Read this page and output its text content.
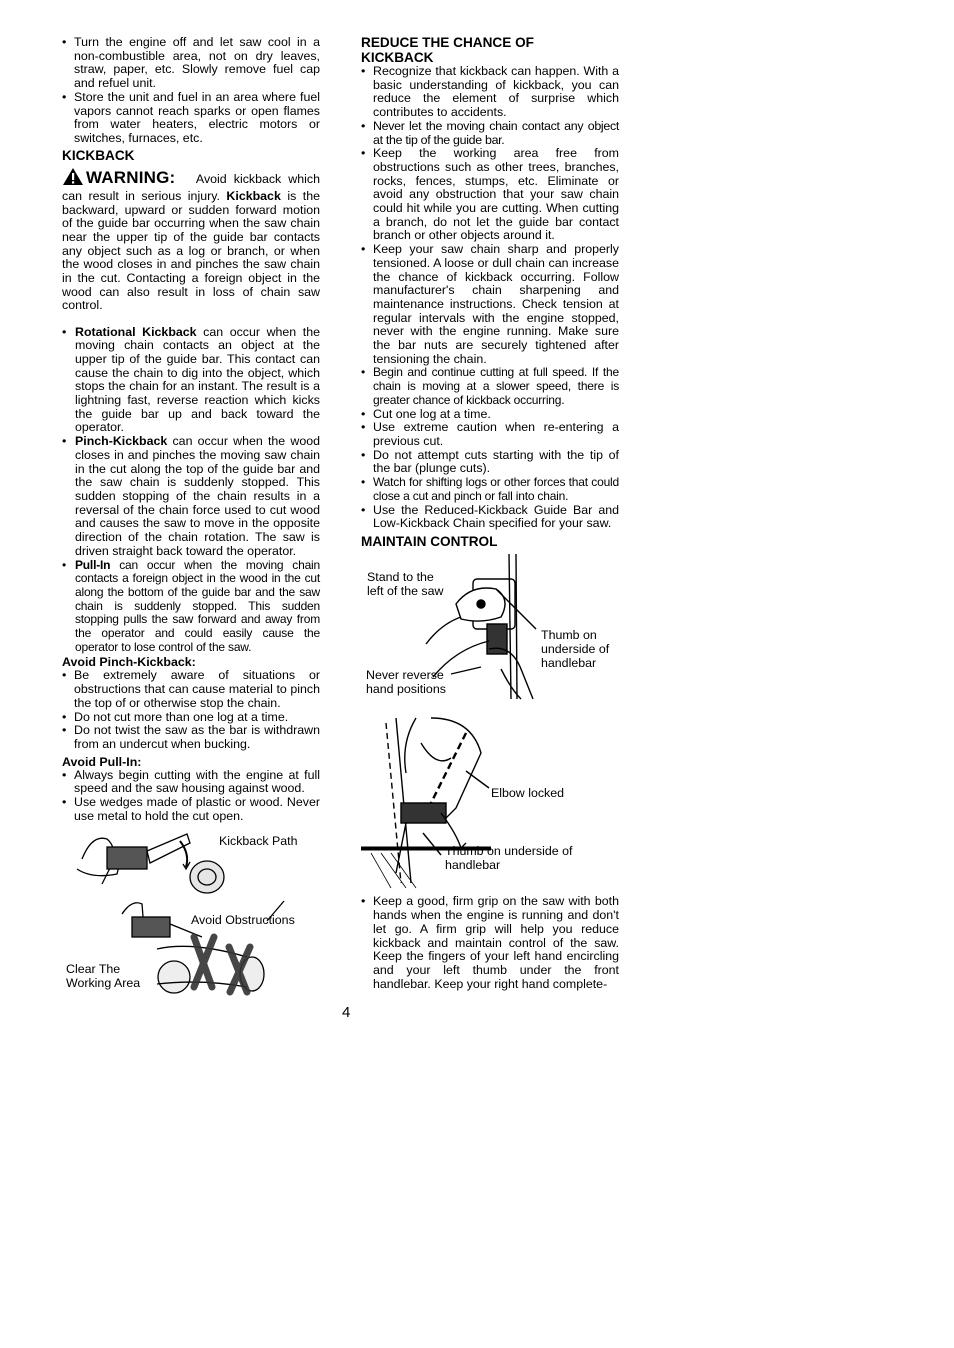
• Turn the engine off and let saw cool in a non-combustible area, not on dry leaves, straw, paper, etc. Slowly remove fuel cap and refuel unit.
• Store the unit and fuel in an area where fuel vapors cannot reach sparks or open flames from water heaters, electric motors or switches, furnaces, etc.

KICKBACK

WARNING: Avoid kickback which can result in serious injury. Kickback is the backward, upward or sudden forward motion of the guide bar occurring when the saw chain near the upper tip of the guide bar contacts any object such as a log or branch, or when the wood closes in and pinches the saw chain in the cut. Contacting a foreign object in the wood can also result in loss of chain saw control.

• Rotational Kickback can occur when the moving chain contacts an object at the upper tip of the guide bar. This contact can cause the chain to dig into the object, which stops the chain for an instant. The result is a lightning fast, reverse reaction which kicks the guide bar up and back toward the operator.
• Pinch-Kickback can occur when the wood closes in and pinches the moving saw chain in the cut along the top of the guide bar and the saw chain is suddenly stopped. This sudden stopping of the chain results in a reversal of the chain force used to cut wood and causes the saw to move in the opposite direction of the chain rotation. The saw is driven straight back toward the operator.
• Pull-In can occur when the moving chain contacts a foreign object in the wood in the cut along the bottom of the guide bar and the saw chain is suddenly stopped. This sudden stopping pulls the saw forward and away from the operator and could easily cause the operator to lose control of the saw.

Avoid Pinch-Kickback:

• Be extremely aware of situations or obstructions that can cause material to pinch the top of or otherwise stop the chain.
• Do not cut more than one log at a time.
• Do not twist the saw as the bar is withdrawn from an undercut when bucking.

Avoid Pull-In:

• Always begin cutting with the engine at full speed and the saw housing against wood.
• Use wedges made of plastic or wood. Never use metal to hold the cut open.
Kickback Path
Avoid Obstructions
Clear The
Working Area

REDUCE THE CHANCE OF

KICKBACK

• Recognize that kickback can happen. With a basic understanding of kickback, you can reduce the element of surprise which contributes to accidents.
• Never let the moving chain contact any object at the tip of the guide bar.
• Keep the working area free from obstructions such as other trees, branches, rocks, fences, stumps, etc. Eliminate or avoid any obstruction that your saw chain could hit while you are cutting. When cutting a branch, do not let the guide bar contact branch or other objects around it.
• Keep your saw chain sharp and properly tensioned. A loose or dull chain can increase the chance of kickback occurring. Follow manufacturer's chain sharpening and maintenance instructions. Check tension at regular intervals with the engine stopped, never with the engine running. Make sure the bar nuts are securely tightened after tensioning the chain.
• Begin and continue cutting at full speed. If the chain is moving at a slower speed, there is greater chance of kickback occurring.
• Cut one log at a time.
• Use extreme caution when re-entering a previous cut.
• Do not attempt cuts starting with the tip of the bar (plunge cuts).
• Watch for shifting logs or other forces that could close a cut and pinch or fall into chain.
• Use the Reduced-Kickback Guide Bar and Low-Kickback Chain specified for your saw.

MAINTAIN CONTROL

Stand to the
left of the saw
Thumb on
underside of
handlebar
Never reverse
hand positions
Elbow locked
Thumb on underside of
handlebar
• Keep a good, firm grip on the saw with both hands when the engine is running and don't let go. A firm grip will help you reduce kickback and maintain control of the saw. Keep the fingers of your left hand encircling and your left thumb under the front handlebar. Keep your right hand complete-
4
